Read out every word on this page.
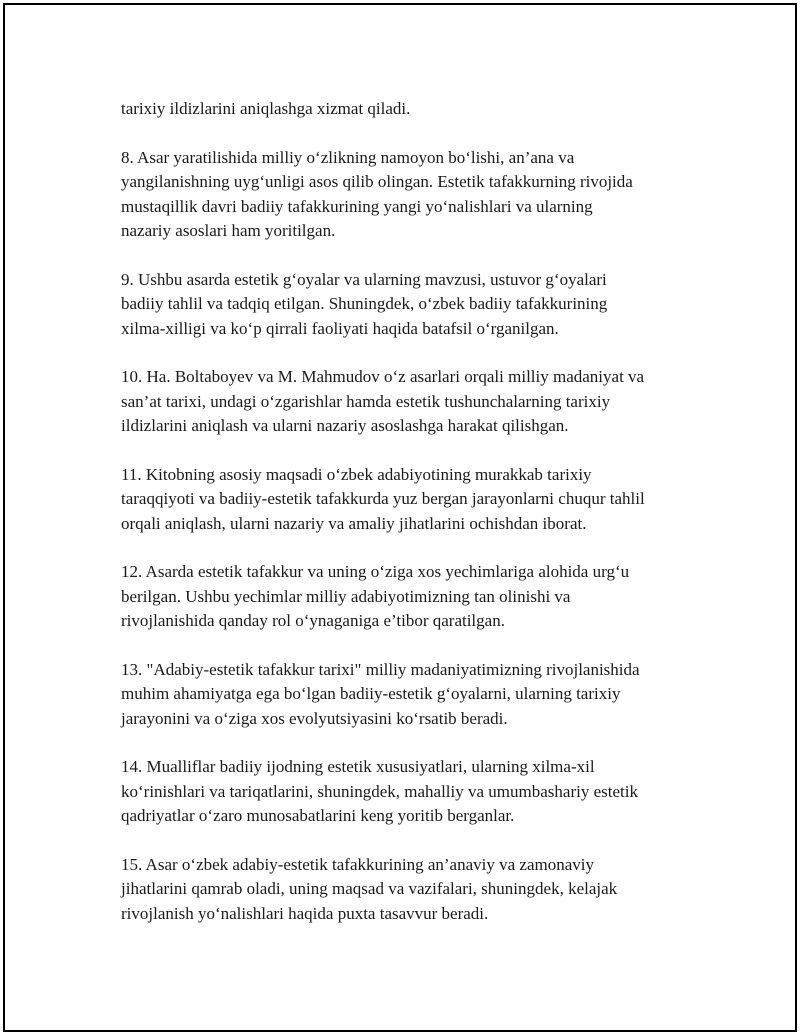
tarixiy ildizlarini aniqlashga xizmat qiladi.

8. Asar yaratilishida milliy o‘zlikning namoyon bo‘lishi, an’ana va
yangilanishning uyg‘unligi asos qilib olingan. Estetik tafakkurning rivojida
mustaqillik davri badiiy tafakkurining yangi yo‘nalishlari va ularning
nazariy asoslari ham yoritilgan.

9. Ushbu asarda estetik g‘oyalar va ularning mavzusi, ustuvor g‘oyalari
badiiy tahlil va tadqiq etilgan. Shuningdek, o‘zbek badiiy tafakkurining
xilma-xilligi va ko‘p qirrali faoliyati haqida batafsil o‘rganilgan.

10. Ha. Boltaboyev va M. Mahmudov o‘z asarlari orqali milliy madaniyat va
san’at tarixi, undagi o‘zgarishlar hamda estetik tushunchalarning tarixiy
ildizlarini aniqlash va ularni nazariy asoslashga harakat qilishgan.

11. Kitobning asosiy maqsadi o‘zbek adabiyotining murakkab tarixiy
taraqqiyoti va badiiy-estetik tafakkurda yuz bergan jarayonlarni chuqur tahlil
orqali aniqlash, ularni nazariy va amaliy jihatlarini ochishdan iborat.

12. Asarda estetik tafakkur va uning o‘ziga xos yechimlariga alohida urg‘u
berilgan. Ushbu yechimlar milliy adabiyotimizning tan olinishi va
rivojlanishida qanday rol o‘ynaganiga e’tibor qaratilgan.

13. "Adabiy-estetik tafakkur tarixi" milliy madaniyatimizning rivojlanishida
muhim ahamiyatga ega bo‘lgan badiiy-estetik g‘oyalarni, ularning tarixiy
jarayonini va o‘ziga xos evolyutsiyasini ko‘rsatib beradi.

14. Mualliflar badiiy ijodning estetik xususiyatlari, ularning xilma-xil
ko‘rinishlari va tariqatlarini, shuningdek, mahalliy va umumbashariy estetik
qadriyatlar o‘zaro munosabatlarini keng yoritib berganlar.

15. Asar o‘zbek adabiy-estetik tafakkurining an’anaviy va zamonaviy
jihatlarini qamrab oladi, uning maqsad va vazifalari, shuningdek, kelajak
rivojlanish yo‘nalishlari haqida puxta tasavvur beradi.
